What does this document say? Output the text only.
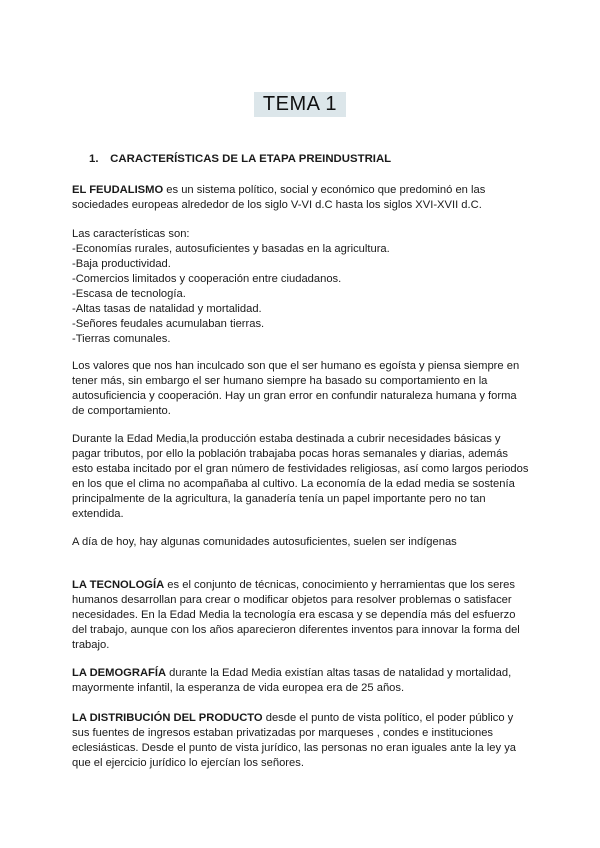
TEMA 1
1. CARACTERÍSTICAS DE LA ETAPA PREINDUSTRIAL

EL FEUDALISMO es un sistema político, social y económico que predominó en las sociedades europeas alrededor de los siglo V-VI d.C hasta los siglos XVI-XVII d.C.

Las características son:

-Economías rurales, autosuficientes y basadas en la agricultura.
-Baja productividad.
-Comercios limitados y cooperación entre ciudadanos.
-Escasa de tecnología.
-Altas tasas de natalidad y mortalidad.
-Señores feudales acumulaban tierras.
-Tierras comunales.

Los valores que nos han inculcado son que el ser humano es egoísta y piensa siempre en tener más, sin embargo el ser humano siempre ha basado su comportamiento en la autosuficiencia y cooperación. Hay un gran error en confundir naturaleza humana y forma de comportamiento.

Durante la Edad Media,la producción estaba destinada a cubrir necesidades básicas y pagar tributos, por ello la población trabajaba pocas horas semanales y diarias, además esto estaba incitado por el gran número de festividades religiosas, así como largos periodos en los que el clima no acompañaba al cultivo. La economía de la edad media se sostenía principalmente de la agricultura, la ganadería tenía un papel importante pero no tan extendida.

A día de hoy, hay algunas comunidades autosuficientes, suelen ser indígenas

LA TECNOLOGÍA es el conjunto de técnicas, conocimiento y herramientas que los seres humanos desarrollan para crear o modificar objetos para resolver problemas o satisfacer necesidades. En la Edad Media la tecnología era escasa y se dependía más del esfuerzo del trabajo, aunque con los años aparecieron diferentes inventos para innovar la forma del trabajo.

LA DEMOGRAFÍA durante la Edad Media existían altas tasas de natalidad y mortalidad, mayormente infantil, la esperanza de vida europea era de 25 años.

LA DISTRIBUCIÓN DEL PRODUCTO desde el punto de vista político, el poder público y sus fuentes de ingresos estaban privatizadas por marqueses , condes e instituciones eclesiásticas. Desde el punto de vista jurídico, las personas no eran iguales ante la ley ya que el ejercicio jurídico lo ejercían los señores.
